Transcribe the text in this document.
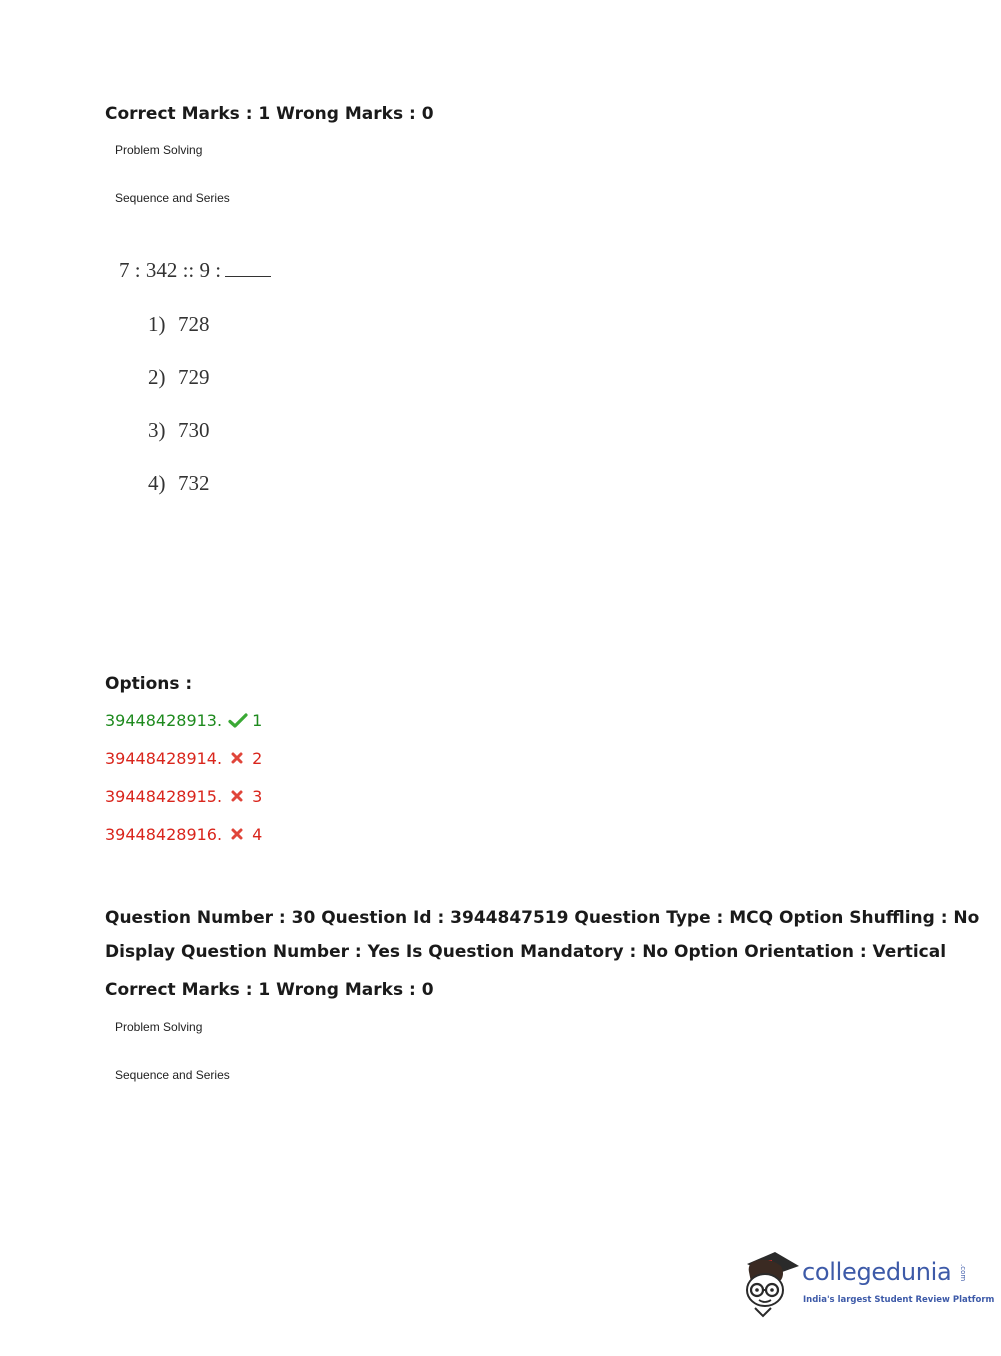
Correct Marks : 1 Wrong Marks : 0
Problem Solving
Sequence and Series
7 : 342 :: 9 :
1) 728
2) 729
3) 730
4) 732
Options :
39448428913. 1
39448428914. 2
39448428915. 3
39448428916. 4
Question Number : 30 Question Id : 3944847519 Question Type : MCQ Option Shuffling : No
Display Question Number : Yes Is Question Mandatory : No Option Orientation : Vertical
Correct Marks : 1 Wrong Marks : 0
Problem Solving
Sequence and Series
collegedunia .com
India's largest Student Review Platform
